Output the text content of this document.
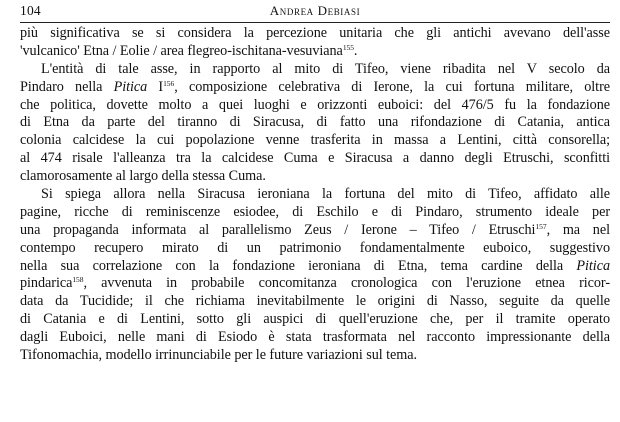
104	Andrea Debiasi
più significativa se si considera la percezione unitaria che gli antichi avevano dell'asse
'vulcanico' Etna / Eolie / area flegreo-ischitana-vesuviana$^{155}$.
L'entità di tale asse, in rapporto al mito di Tifeo, viene ribadita nel V secolo da
Pindaro nella Pitica $I^{156}$, composizione celebrativa di Ierone, la cui fortuna militare, oltre
che politica, dovette molto a quei luoghi e orizzonti euboici: del 476/5 fu la fondazione
di Etna da parte del tiranno di Siracusa, di fatto una rifondazione di Catania, antica
colonia calcidese la cui popolazione venne trasferita in massa a Lentini, città consorella;
al 474 risale l'alleanza tra la calcidese Cuma e Siracusa a danno degli Etruschi, sconfitti
clamorosamente al largo della stessa Cuma.
Si spiega allora nella Siracusa ieroniana la fortuna del mito di Tifeo, affidato alle
pagine, ricche di reminiscenze esiodee, di Eschilo e di Pindaro, strumento ideale per
una propaganda informata al parallelismo Zeus / Ierone – Tifeo / Etruschi$^{157}$, ma nel
contempo recupero mirato di un patrimonio fondamentalmente euboico, suggestivo
nella sua correlazione con la fondazione ieroniana di Etna, tema cardine della Pitica
pindarica$^{158}$, avvenuta in probabile concomitanza cronologica con l'eruzione etnea ricor-
data da Tucidide; il che richiama inevitabilmente le origini di Nasso, seguite da quelle
di Catania e di Lentini, sotto gli auspici di quell'eruzione che, per il tramite operato
dagli Euboici, nelle mani di Esiodo è stata trasformata nel racconto impressionante della
Tifonomachia, modello irrinunciabile per le future variazioni sul tema.
